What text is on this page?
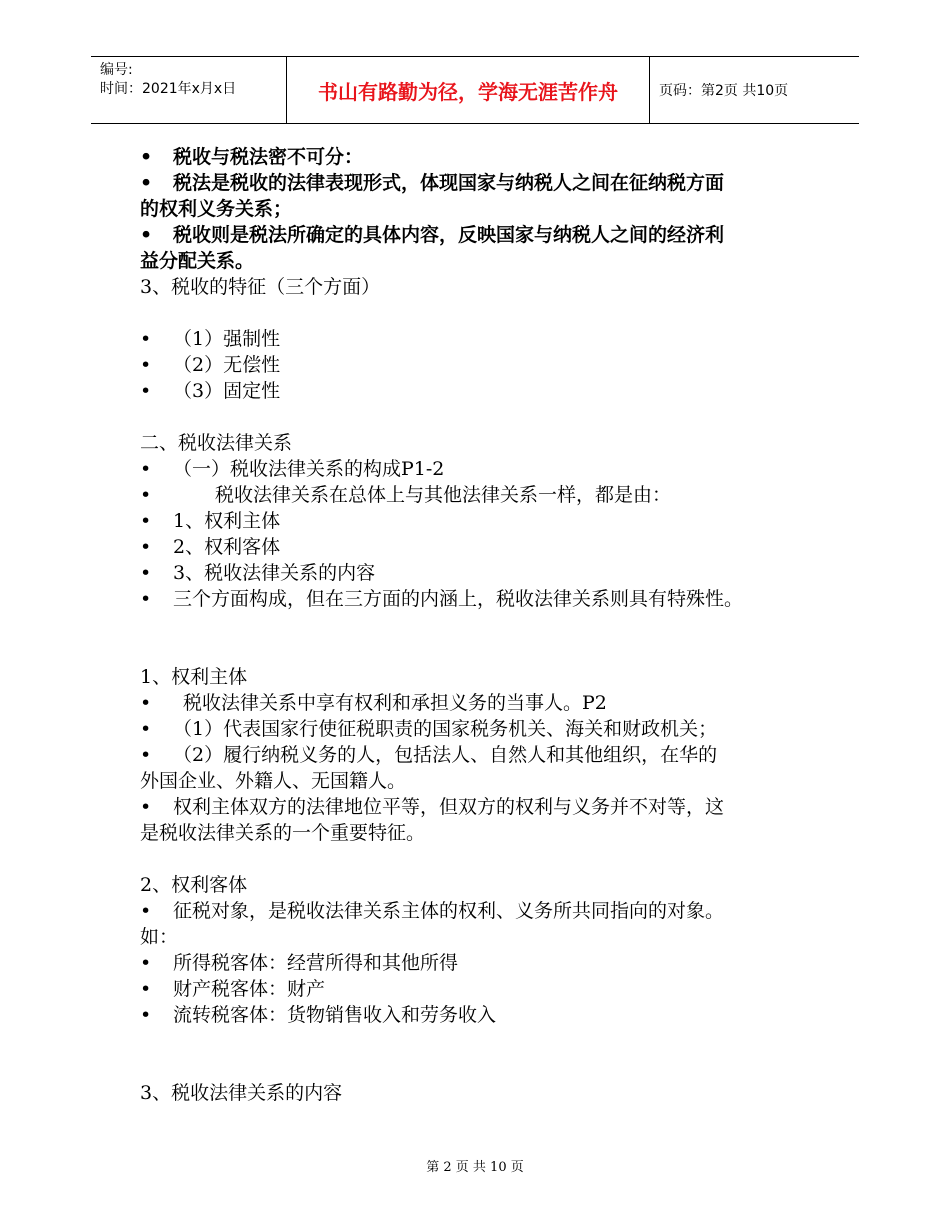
编号:
时间：2021年x月x日	书山有路勤为径，学海无涯苦作舟	页码：第2页 共10页
• 税收与税法密不可分：
• 税法是税收的法律表现形式，体现国家与纳税人之间在征纳税方面
的权利义务关系；
• 税收则是税法所确定的具体内容，反映国家与纳税人之间的经济利
益分配关系。
3、税收的特征（三个方面）
• （1）强制性
• （2）无偿性
• （3）固定性
二、税收法律关系
• （一）税收法律关系的构成P1-2
•	税收法律关系在总体上与其他法律关系一样，都是由：
• 1、权利主体
• 2、权利客体
• 3、税收法律关系的内容
• 三个方面构成，但在三方面的内涵上，税收法律关系则具有特殊性。
1、权利主体
• 税收法律关系中享有权利和承担义务的当事人。P2
• （1）代表国家行使征税职责的国家税务机关、海关和财政机关；
• （2）履行纳税义务的人，包括法人、自然人和其他组织，在华的
外国企业、外籍人、无国籍人。
• 权利主体双方的法律地位平等，但双方的权利与义务并不对等，这
是税收法律关系的一个重要特征。
2、权利客体
• 征税对象，是税收法律关系主体的权利、义务所共同指向的对象。
如：
• 所得税客体：经营所得和其他所得
• 财产税客体：财产
• 流转税客体：货物销售收入和劳务收入
3、税收法律关系的内容
第 2 页 共 10 页
